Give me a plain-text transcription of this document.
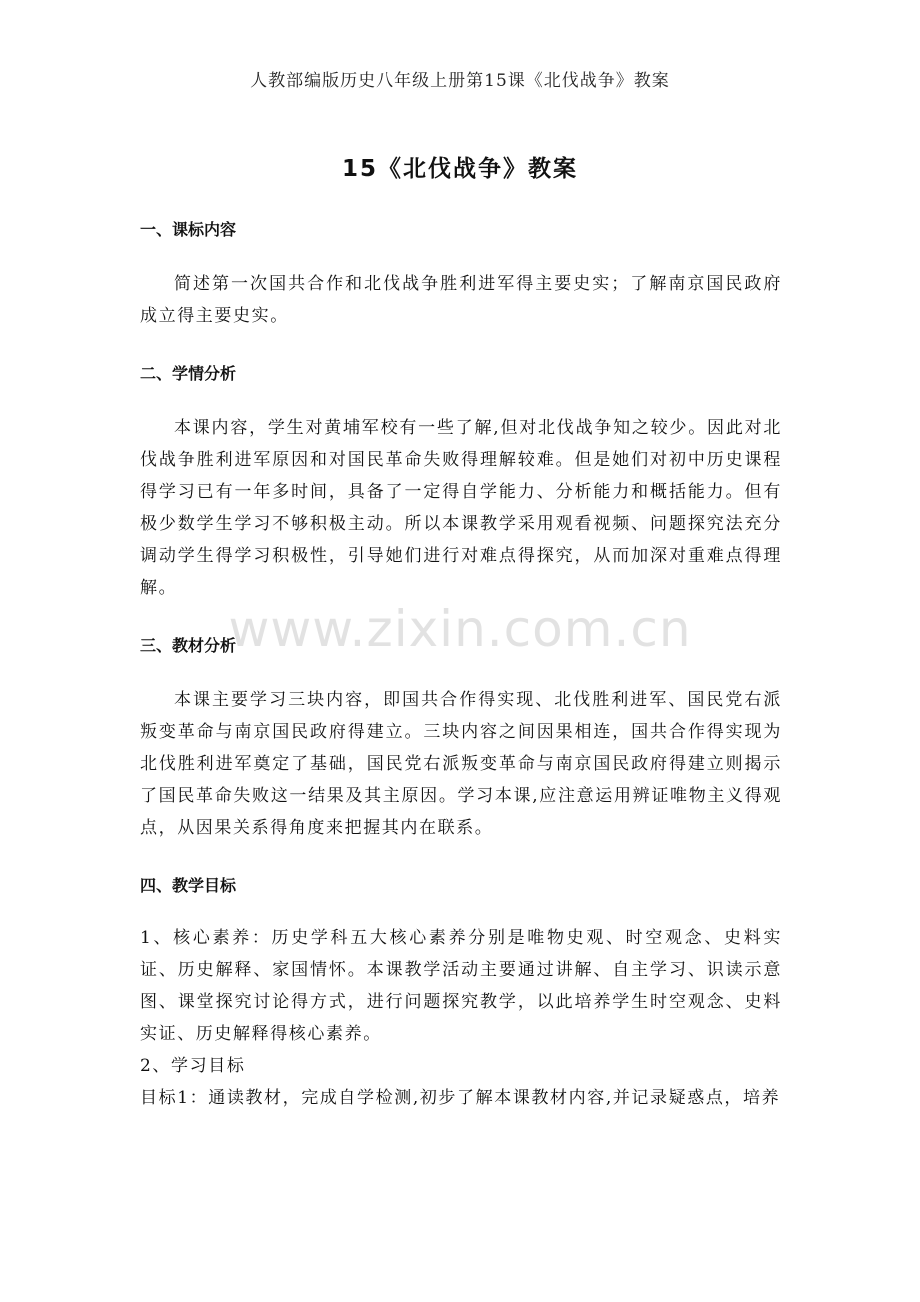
人教部编版历史八年级上册第15课《北伐战争》教案
15《北伐战争》教案
一、课标内容

简述第一次国共合作和北伐战争胜利进军得主要史实；了解南京国民政府成立得主要史实。

二、学情分析

本课内容，学生对黄埔军校有一些了解,但对北伐战争知之较少。因此对北伐战争胜利进军原因和对国民革命失败得理解较难。但是她们对初中历史课程得学习已有一年多时间，具备了一定得自学能力、分析能力和概括能力。但有极少数学生学习不够积极主动。所以本课教学采用观看视频、问题探究法充分调动学生得学习积极性，引导她们进行对难点得探究，从而加深对重难点得理解。

三、教材分析

本课主要学习三块内容，即国共合作得实现、北伐胜利进军、国民党右派叛变革命与南京国民政府得建立。三块内容之间因果相连，国共合作得实现为北伐胜利进军奠定了基础，国民党右派叛变革命与南京国民政府得建立则揭示了国民革命失败这一结果及其主原因。学习本课,应注意运用辨证唯物主义得观点，从因果关系得角度来把握其内在联系。

四、教学目标

1、核心素养：历史学科五大核心素养分别是唯物史观、时空观念、史料实证、历史解释、家国情怀。本课教学活动主要通过讲解、自主学习、识读示意图、课堂探究讨论得方式，进行问题探究教学，以此培养学生时空观念、史料实证、历史解释得核心素养。

2、学习目标

目标1：通读教材，完成自学检测,初步了解本课教材内容,并记录疑惑点，培养

www.zixin.com.cn
